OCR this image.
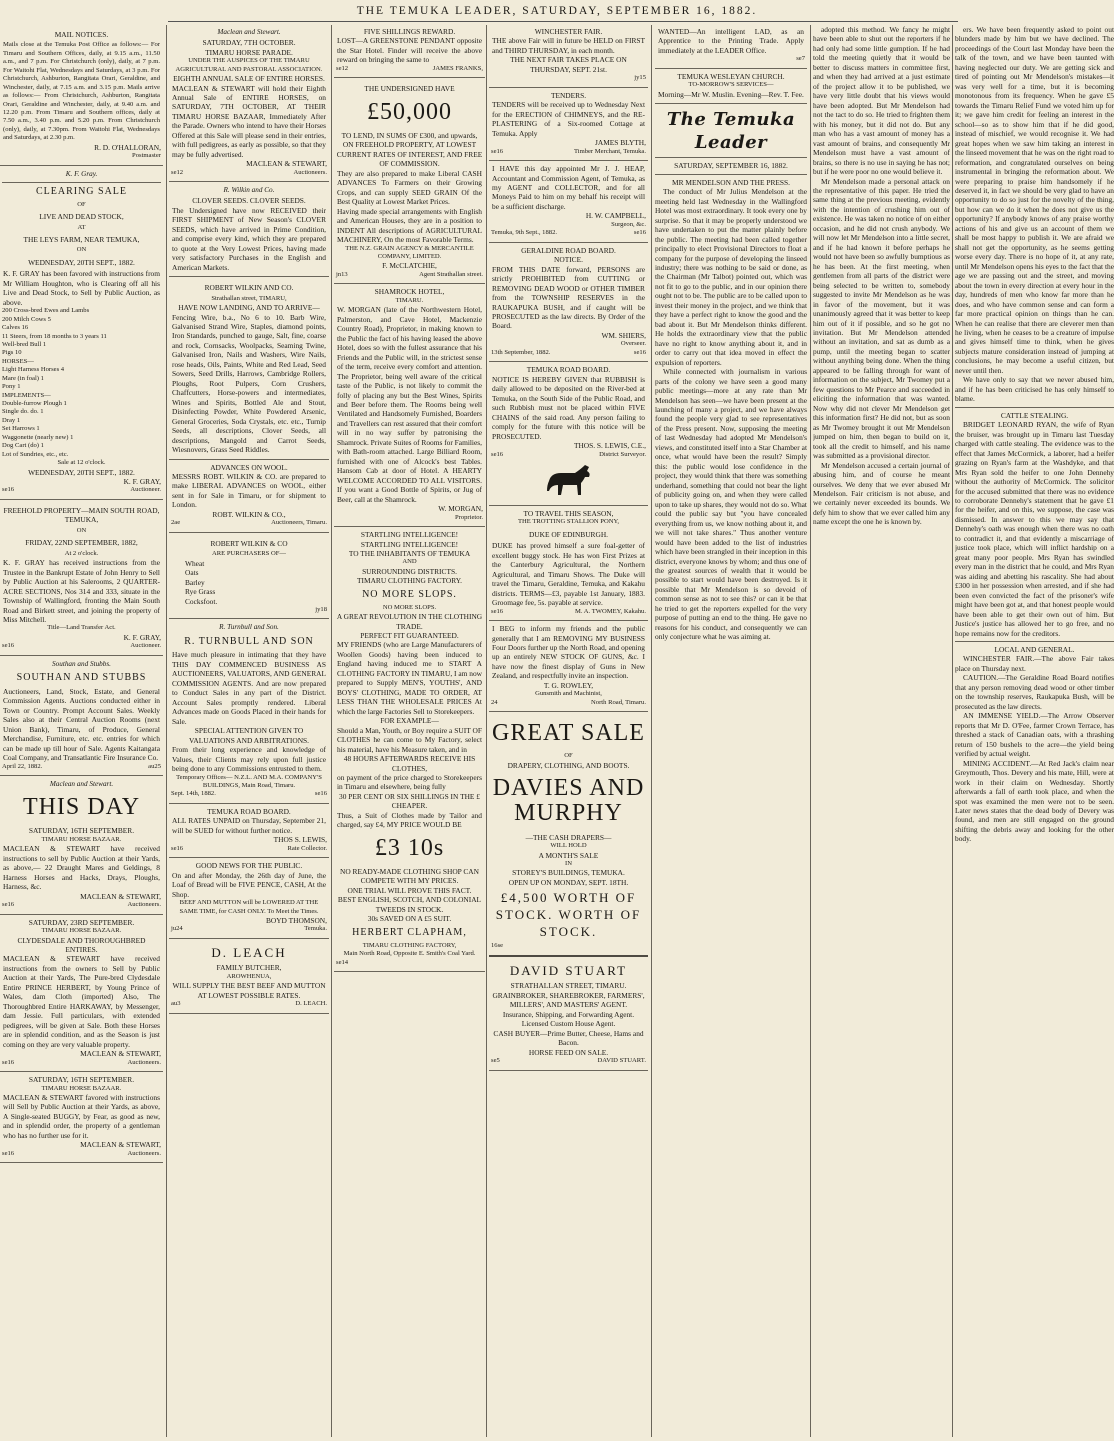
THE TEMUKA LEADER, SATURDAY, SEPTEMBER 16, 1882.

MAIL NOTICES.

Mails close at the Temuka Post Office as follows:— For Timaru and Southern Offices, daily, at 9.15 a.m., 11.50 a.m., and 7 p.m. For Christchurch (only), daily, at 7 p.m. For Waitohi Flat, Wednesdays and Saturdays, at 3 p.m. For Christchurch, Ashburton, Rangitata Orari, Geraldine, and Winchester, daily, at 7.15 a.m. and 3.15 p.m. Mails arrive as follows:— From Christchurch, Ashburton, Rangitata Orari, Geraldine and Winchester, daily, at 9.40 a.m. and 12.20 p.m. From Timaru and Southern offices, daily at 7.50 a.m., 3.40 p.m. and 5.20 p.m. From Christchurch (only), daily, at 7.30pm. From Waitohi Flat, Wednesdays and Saturdays, at 2.30 p.m.

R. D. O'HALLORAN,

Postmaster

K. F. Gray.

CLEARING SALE

OF

LIVE AND DEAD STOCK,

AT

THE LEYS FARM, NEAR TEMUKA,

ON

WEDNESDAY, 20TH SEPT., 1882.

K. F. GRAY has been favored with instructions from Mr William Houghton, who is Clearing off all his Live and Dead Stock, to Sell by Public Auction, as above.

200 Cross-bred Ewes and Lambs

200 Milch Cows 5

Calves 16

11 Steers, from 18 months to 3 years 11

Well-bred Bull 1

Pigs 10

HORSES—

Light Harness Horses 4

Mare (in foal) 1

Pony 1

IMPLEMENTS—

Double-furrow Plough 1

Single do. do. 1

Dray 1

Set Harrows 1

Waggonette (nearly new) 1

Dog Cart (do) 1

Lot of Sundries, etc., etc.

Sale at 12 o'clock.

WEDNESDAY, 20TH SEPT., 1882.

K. F. GRAY,

se16	Auctioneer.

FREEHOLD PROPERTY—MAIN SOUTH ROAD, TEMUKA,

ON

FRIDAY, 22ND SEPTEMBER, 1882,

At 2 o'clock.

K. F. GRAY has received instructions from the Trustee in the Bankrupt Estate of John Henry to Sell by Public Auction at his Salerooms, 2 QUARTER-ACRE SECTIONS, Nos 314 and 333, situate in the Township of Wallingford, fronting the Main South Road and Birkett street, and joining the property of Miss Mitchell.

Title—Land Transfer Act.

K. F. GRAY,

se16	Auctioneer.

Southan and Stubbs.

SOUTHAN AND STUBBS

Auctioneers, Land, Stock, Estate, and General Commission Agents. Auctions conducted either in Town or Country. Prompt Account Sales. Weekly Sales also at their Central Auction Rooms (next Union Bank), Timaru, of Produce, General Merchandise, Furniture, etc. etc. entries for which can be made up till hour of Sale. Agents Kaitangata Coal Company, and Transatlantic Fire Insurance Co.

April 22, 1882.	au25

Maclean and Stewart.

THIS DAY

SATURDAY, 16TH SEPTEMBER.

TIMARU HORSE BAZAAR.

MACLEAN & STEWART have received instructions to sell by Public Auction at their Yards, as above,— 22 Draught Mares and Geldings, 8 Harness Horses and Hacks, Drays, Ploughs, Harness, &c.

MACLEAN & STEWART,

se16	Auctioneers.

SATURDAY, 23RD SEPTEMBER.

TIMARU HORSE BAZAAR.

CLYDESDALE AND THOROUGHBRED ENTIRES.

MACLEAN & STEWART have received instructions from the owners to Sell by Public Auction at their Yards, The Pure-bred Clydesdale Entire PRINCE HERBERT, by Young Prince of Wales, dam Cloth (imported) Also, The Thoroughbred Entire HARKAWAY, by Messenger, dam Jessie. Full particulars, with extended pedigrees, will be given at Sale. Both these Horses are in splendid condition, and as the Season is just coming on they are very valuable property.

MACLEAN & STEWART,

se16	Auctioneers.

SATURDAY, 16TH SEPTEMBER.

TIMARU HORSE BAZAAR.

MACLEAN & STEWART favored with instructions will Sell by Public Auction at their Yards, as above, A Single-seated BUGGY, by Fear, as good as new, and in splendid order, the property of a gentleman who has no further use for it.

MACLEAN & STEWART,

se16	Auctioneers.

Maclean and Stewart.

SATURDAY, 7TH OCTOBER.

TIMARU HORSE PARADE.

UNDER THE AUSPICES OF THE TIMARU AGRICULTURAL AND PASTORAL ASSOCIATION.

EIGHTH ANNUAL SALE OF ENTIRE HORSES.

MACLEAN & STEWART will hold their Eighth Annual Sale of ENTIRE HORSES, on SATURDAY, 7TH OCTOBER, AT THEIR TIMARU HORSE BAZAAR, Immediately After the Parade. Owners who intend to have their Horses Offered at this Sale will please send in their entries, with full pedigrees, as early as possible, so that they may be fully advertised.

MACLEAN & STEWART,

se12	Auctioneers.

R. Wilkin and Co.

CLOVER SEEDS. CLOVER SEEDS.

The Undersigned have now RECEIVED their FIRST SHIPMENT of New Season's CLOVER SEEDS, which have arrived in Prime Condition, and comprise every kind, which they are prepared to quote at the Very Lowest Prices, having made very satisfactory Purchases in the English and American Markets.

ROBERT WILKIN AND CO.

Strathallan street, TIMARU,

HAVE NOW LANDING, AND TO ARRIVE—

Fencing Wire, b.a., No 6 to 10. Barb Wire, Galvanised Strand Wire, Staples, diamond points, Iron Standards, punched to gauge, Salt, fine, coarse and rock, Cornsacks, Woolpacks, Seaming Twine, Galvanised Iron, Nails and Washers, Wire Nails, rose heads, Oils, Paints, White and Red Lead, Seed Sowers, Seed Drills, Harrows, Cambridge Rollers, Ploughs, Root Pulpers, Corn Crushers, Chaffcutters, Horse-powers and intermediates, Wines and Spirits, Bottled Ale and Stout, Disinfecting Powder, White Powdered Arsenic, General Groceries, Soda Crystals, etc. etc., Turnip Seeds, all descriptions, Clover Seeds, all descriptions, Mangold and Carrot Seeds, Wiesnovers, Grass Seed Riddles.

ADVANCES ON WOOL.

MESSRS ROBT. WILKIN & CO. are prepared to make LIBERAL ADVANCES on WOOL, either sent in for Sale in Timaru, or for shipment to London.

ROBT. WILKIN & CO.,

2ae	Auctioneers, Timaru.

ROBERT WILKIN & CO

ARE PURCHASERS OF—

Wheat

Oats

Barley

Rye Grass

Cocksfoot.

jy18

R. Turnbull and Son.

R. TURNBULL AND SON

Have much pleasure in intimating that they have THIS DAY COMMENCED BUSINESS AS AUCTIONEERS, VALUATORS, AND GENERAL COMMISSION AGENTS. And are now prepared to Conduct Sales in any part of the District. Account Sales promptly rendered. Liberal Advances made on Goods Placed in their hands for Sale.

SPECIAL ATTENTION GIVEN TO VALUATIONS AND ARBITRATIONS.

From their long experience and knowledge of Values, their Clients may rely upon full justice being done to any Commissions entrusted to them.

Temporary Offices— N.Z.L. AND M.A. COMPANY'S BUILDINGS, Main Road, Timaru.

Sept. 14th, 1882.	se16

TEMUKA ROAD BOARD.

ALL RATES UNPAID on Thursday, September 21, will be SUED for without further notice.

THOS S. LEWIS,

se16	Rate Collector.

GOOD NEWS FOR THE PUBLIC.

On and after Monday, the 26th day of June, the Loaf of Bread will be FIVE PENCE, CASH, At the Shop.

BEEF AND MUTTON will be LOWERED AT THE SAME TIME, for CASH ONLY. To Meet the Times.

BOYD THOMSON,

ju24	Temuka.

D. LEACH

FAMILY BUTCHER,

AROWHENUA,

WILL SUPPLY THE BEST BEEF AND MUTTON AT LOWEST POSSIBLE RATES.

au3	D. LEACH.

FIVE SHILLINGS REWARD.

LOST—A GREENSTONE PENDANT opposite the Star Hotel. Finder will receive the above reward on bringing the same to

se12	JAMES FRANKS,

THE UNDERSIGNED HAVE

£50,000

TO LEND, IN SUMS OF £300, and upwards, ON FREEHOLD PROPERTY, AT LOWEST CURRENT RATES OF INTEREST, AND FREE OF COMMISSION.

They are also prepared to make Liberal CASH ADVANCES To Farmers on their Growing Crops, and can supply SEED GRAIN Of the Best Quality at Lowest Market Prices.

Having made special arrangements with English and American Houses, they are in a position to INDENT All descriptions of AGRICULTURAL MACHINERY, On the most Favorable Terms.

THE N.Z. GRAIN AGENCY & MERCANTILE COMPANY, LIMITED.

F. McCLATCHIE,

jn13	Agent Strathallan street.

SHAMROCK HOTEL,

TIMARU.

W. MORGAN (late of the Northwestern Hotel, Palmerston, and Cave Hotel, Mackenzie Country Road), Proprietor, in making known to the Public the fact of his having leased the above Hotel, does so with the fullest assurance that his Friends and the Public will, in the strictest sense of the term, receive every comfort and attention. The Proprietor, being well aware of the critical taste of the Public, is not likely to commit the folly of placing any but the Best Wines, Spirits and Beer before them. The Rooms being well Ventilated and Handsomely Furnished, Boarders and Travellers can rest assured that their comfort will in no way suffer by patronising the Shamrock. Private Suites of Rooms for Families, with Bath-room attached. Large Billiard Room, furnished with one of Alcock's best Tables. Hansom Cab at door of Hotel. A HEARTY WELCOME ACCORDED TO ALL VISITORS. If you want a Good Bottle of Spirits, or Jug of Beer, call at the Shamrock.

W. MORGAN,

Proprietor.

STARTLING INTELLIGENCE!

STARTLING INTELLIGENCE!

TO THE INHABITANTS OF TEMUKA

AND

SURROUNDING DISTRICTS.

TIMARU CLOTHING FACTORY.

NO MORE SLOPS.

NO MORE SLOPS.

A GREAT REVOLUTION IN THE CLOTHING TRADE.

PERFECT FIT GUARANTEED.

MY FRIENDS (who are Large Manufacturers of Woollen Goods) having been induced to England having induced me to START A CLOTHING FACTORY IN TIMARU, I am now prepared to Supply MEN'S, YOUTHS', AND BOYS' CLOTHING, MADE TO ORDER, AT LESS THAN THE WHOLESALE PRICES At which the large Factories Sell to Storekeepers.

FOR EXAMPLE—

Should a Man, Youth, or Boy require a SUIT OF CLOTHES he can come to My Factory, select his material, have his Measure taken, and in

48 HOURS AFTERWARDS RECEIVE HIS CLOTHES,

on payment of the price charged to Storekeepers in Timaru and elsewhere, being fully

30 PER CENT OR SIX SHILLINGS IN THE £ CHEAPER.

Thus, a Suit of Clothes made by Tailor and charged, say £4, MY PRICE WOULD BE

£3 10s

NO READY-MADE CLOTHING SHOP CAN COMPETE WITH MY PRICES.

ONE TRIAL WILL PROVE THIS FACT.

BEST ENGLISH, SCOTCH, AND COLONIAL TWEEDS IN STOCK.

30s SAVED ON A £5 SUIT.

HERBERT CLAPHAM,

TIMARU CLOTHING FACTORY,

Main North Road, Opposite E. Smith's Coal Yard.

se14

WINCHESTER FAIR.

THE above Fair will in future be HELD on FIRST and THIRD THURSDAY, in each month.

THE NEXT FAIR TAKES PLACE ON THURSDAY, SEPT. 21st.

jy15

TENDERS.

TENDERS will be received up to Wednesday Next for the ERECTION of CHIMNEYS, and the RE-PLASTERING of a Six-roomed Cottage at Temuka. Apply

JAMES BLYTH,

se16	Timber Merchant, Temuka.

I HAVE this day appointed Mr J. J. HEAP, Accountant and Commission Agent, of Temuka, as my AGENT and COLLECTOR, and for all Moneys Paid to him on my behalf his receipt will be a sufficient discharge.

H. W. CAMPBELL,

Surgeon, &c.

Temuka, 9th Sept., 1882.	se16

GERALDINE ROAD BOARD.

NOTICE.

FROM THIS DATE forward, PERSONS are strictly PROHIBITED from CUTTING or REMOVING DEAD WOOD or OTHER TIMBER from the TOWNSHIP RESERVES in the RAUKAPUKA BUSH, and if caught will be PROSECUTED as the law directs. By Order of the Board.

WM. SHIERS,

Overseer.

13th September, 1882.	se16

TEMUKA ROAD BOARD.

NOTICE IS HEREBY GIVEN that RUBBISH is daily allowed to be deposited on the River-bed at Temuka, on the South Side of the Public Road, and such Rubbish must not be placed within FIVE CHAINS of the said road. Any person failing to comply for the future with this notice will be PROSECUTED.

THOS. S. LEWIS, C.E.,

se16	District Surveyor.

TO TRAVEL THIS SEASON,

THE TROTTING STALLION PONY,

DUKE OF EDINBURGH.

DUKE has proved himself a sure foal-getter of excellent buggy stock. He has won First Prizes at the Canterbury Agricultural, the Northern Agricultural, and Timaru Shows. The Duke will travel the Timaru, Geraldine, Temuka, and Kakahu districts. TERMS—£3, payable 1st January, 1883. Groomage fee, 5s. payable at service.

se16	M. A. TWOMEY, Kakahu.

I BEG to inform my friends and the public generally that I am REMOVING MY BUSINESS Four Doors further up the North Road, and opening up an entirely NEW STOCK OF GUNS, &c. I have now the finest display of Guns in New Zealand, and respectfully invite an inspection.

T. G. ROWLEY,

Gunsmith and Machinist,

24	North Road, Timaru.

GREAT SALE

OF

DRAPERY, CLOTHING, AND BOOTS.

DAVIES AND MURPHY

—THE CASH DRAPERS—

WILL HOLD

A MONTH'S SALE

IN

STOREY'S BUILDINGS, TEMUKA.

OPEN UP ON MONDAY, SEPT. 18TH.

£4,500 WORTH OF STOCK. WORTH OF STOCK.

16se

DAVID STUART

STRATHALLAN STREET, TIMARU.

GRAINBROKER, SHAREBROKER, FARMERS', MILLERS', AND MASTERS' AGENT.

Insurance, Shipping, and Forwarding Agent.

Licensed Custom House Agent.

CASH BUYER—Prime Butter, Cheese, Hams and Bacon.

HORSE FEED ON SALE.

se5	DAVID STUART.

WANTED—An intelligent LAD, as an Apprentice to the Printing Trade. Apply immediately at the LEADER Office.

se7

TEMUKA WESLEYAN CHURCH.

TO-MORROW'S SERVICES—

Morning—Mr W. Muslin. Evening—Rev. T. Fee.

The Temuka Leader

SATURDAY, SEPTEMBER 16, 1882.

MR MENDELSON AND THE PRESS.

The conduct of Mr Julius Mendelson at the meeting held last Wednesday in the Wallingford Hotel was most extraordinary. It took every one by surprise. So that it may be properly understood we have undertaken to put the matter plainly before the public. The meeting had been called together principally to elect Provisional Directors to float a company for the purpose of developing the linseed industry; there was nothing to be said or done, as the Chairman (Mr Talbot) pointed out, which was not fit to go to the public, and in our opinion there ought not to be. The public are to be called upon to invest their money in the project, and we think that they have a perfect right to know the good and the bad about it. But Mr Mendelson thinks different. He holds the extraordinary view that the public have no right to know anything about it, and in order to carry out that idea moved in effect the expulsion of reporters.

While connected with journalism in various parts of the colony we have seen a good many public meetings—more at any rate than Mr Mendelson has seen—we have been present at the launching of many a project, and we have always found the people very glad to see representatives of the Press present. Now, supposing the meeting of last Wednesday had adopted Mr Mendelson's views, and constituted itself into a Star Chamber at once, what would have been the result? Simply this: the public would lose confidence in the project, they would think that there was something underhand, something that could not bear the light of publicity going on, and when they were called upon to take up shares, they would not do so. What could the public say but "you have concealed everything from us, we know nothing about it, and we will not take shares." Thus another venture would have been added to the list of industries which have been strangled in their inception in this district, everyone knows by whom; and thus one of the greatest sources of wealth that it would be possible to start would have been destroyed. Is it possible that Mr Mendelson is so devoid of common sense as not to see this? or can it be that he tried to get the reporters expelled for the very purpose of putting an end to the thing. He gave no reasons for his conduct, and consequently we can only conjecture what he was aiming at.

adopted this method. We fancy he might have been able to shut out the reporters if he had only had some little gumption. If he had told the meeting quietly that it would be better to discuss matters in committee first, and when they had arrived at a just estimate of the project allow it to be published, we have very little doubt that his views would have been adopted. But Mr Mendelson had not the tact to do so. He tried to frighten them with his money, but it did not do. But any man who has a vast amount of money has a vast amount of brains, and consequently Mr Mendelson must have a vast amount of brains, so there is no use in saying he has not; but if he were poor no one would believe it.

Mr Mendelson made a personal attack on the representative of this paper. He tried the same thing at the previous meeting, evidently with the intention of crushing him out of existence. He was taken no notice of on either occasion, and he did not crush anybody. We will now let Mr Mendelson into a little secret, and if he had known it before perhaps he would not have been so awfully bumptious as he has been. At the first meeting, when gentlemen from all parts of the district were being selected to be written to, somebody suggested to invite Mr Mendelson as he was in favor of the movement, but it was unanimously agreed that it was better to keep him out of it if possible, and so he got no invitation. But Mr Mendelson attended without an invitation, and sat as dumb as a pump, until the meeting began to scatter without anything being done. When the thing appeared to be falling through for want of information on the subject, Mr Twomey put a few questions to Mr Pearce and succeeded in eliciting the information that was wanted. Now why did not clever Mr Mendelson get this information first? He did not, but as soon as Mr Twomey brought it out Mr Mendelson jumped on him, then began to build on it, took all the credit to himself, and his name was submitted as a provisional director.

Mr Mendelson accused a certain journal of abusing him, and of course he meant ourselves. We deny that we ever abused Mr Mendelson. Fair criticism is not abuse, and we certainly never exceeded its bounds. We defy him to show that we ever called him any name except the one he is known by.

ers. We have been frequently asked to point out blunders made by him but we have declined. The proceedings of the Court last Monday have been the talk of the town, and we have been taunted with having neglected our duty. We are getting sick and tired of pointing out Mr Mendelson's mistakes—it was very well for a time, but it is becoming monotonous from its frequency. When he gave £5 towards the Timaru Relief Fund we voted him up for it; we gave him credit for feeling an interest in the school—so as to show him that if he did good, instead of mischief, we would recognise it. We had great hopes when we saw him taking an interest in the linseed movement that he was on the right road to reformation, and congratulated ourselves on being instrumental in bringing the reformation about. We were preparing to praise him handsomely if he deserved it, in fact we should be very glad to have an opportunity to do so just for the novelty of the thing, but how can we do it when he does not give us the opportunity? If anybody knows of any praise worthy actions of his and give us an account of them we shall be most happy to publish it. We are afraid we shall not get the opportunity, as he seems getting worse every day. There is no hope of it, at any rate, until Mr Mendelson opens his eyes to the fact that the age we are passing out and the street, and moving about the town in every direction at every hour in the day, hundreds of men who know far more than he does, and who have common sense and can form a far more practical opinion on things than he can. When he can realise that there are cleverer men than he living, when he ceases to be a creature of impulse and gives himself time to think, when he gives subjects mature consideration instead of jumping at conclusions, he may become a useful citizen, but never until then.

We have only to say that we never abused him, and if he has been criticised he has only himself to blame.

CATTLE STEALING.

BRIDGET LEONARD RYAN, the wife of Ryan the bruiser, was brought up in Timaru last Tuesday charged with cattle stealing. The evidence was to the effect that James McCormick, a laborer, had a heifer grazing on Ryan's farm at the Washdyke, and that Mrs Ryan sold the heifer to one John Dennehy without the authority of McCormick. The solicitor for the accused submitted that there was no evidence to corroborate Dennehy's statement that he gave £1 for the heifer, and on this, we suppose, the case was dismissed. In answer to this we may say that Dennehy's oath was enough when there was no oath to contradict it, and that evidently a miscarriage of justice took place, which will inflict hardship on a great many poor people. Mrs Ryan has swindled every man in the district that he could, and Mrs Ryan was aiding and abetting his rascality. She had about £300 in her possession when arrested, and if she had been even convicted the fact of the prisoner's wife might have been got at, and that honest people would have been able to get their own out of him. But Justice's justice has allowed her to go free, and no hope remains now for the creditors.

LOCAL AND GENERAL.

WINCHESTER FAIR.—The above Fair takes place on Thursday next.

CAUTION.—The Geraldine Road Board notifies that any person removing dead wood or other timber on the township reserves, Raukapuka Bush, will be prosecuted as the law directs.

AN IMMENSE YIELD.—The Arrow Observer reports that Mr D. O'Fee, farmer Crown Terrace, has threshed a stack of Canadian oats, with a thrashing return of 150 bushels to the acre—the yield being verified by actual weight.

MINING ACCIDENT.—At Red Jack's claim near Greymouth, Thos. Devery and his mate, Hill, were at work in their claim on Wednesday. Shortly afterwards a fall of earth took place, and when the spot was examined the men were not to be seen. Later news states that the dead body of Devery was found, and men are still engaged on the ground shifting the debris away and looking for the other body.
